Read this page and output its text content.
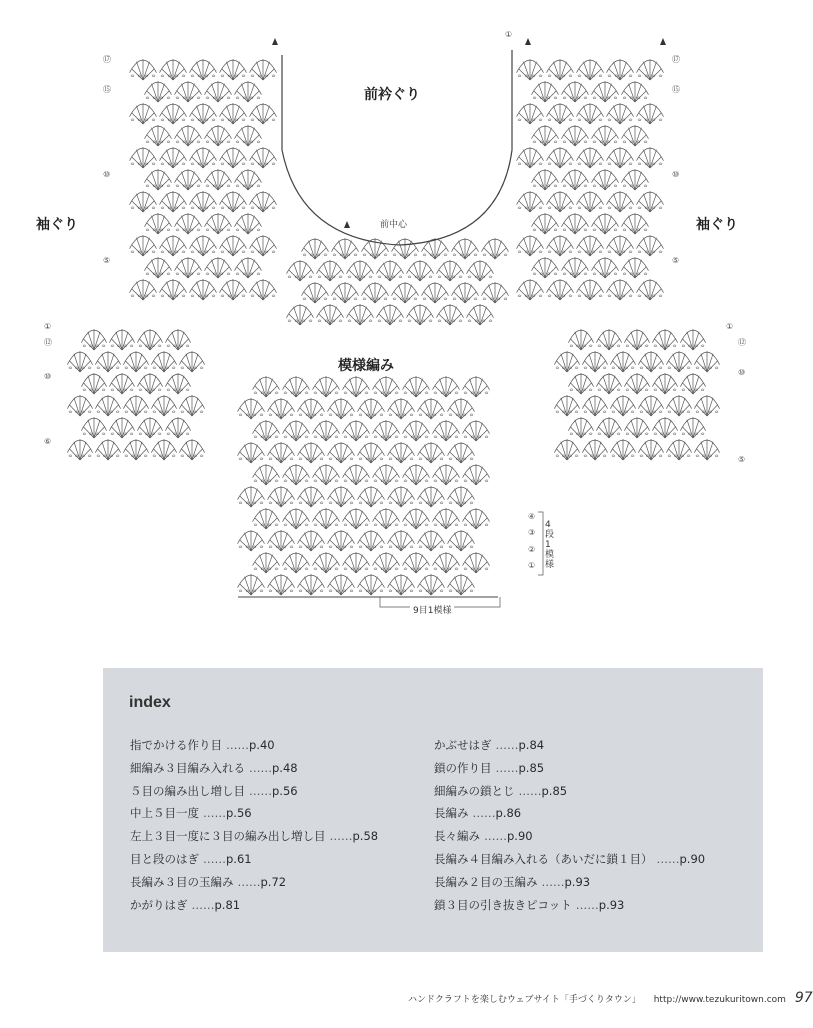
前衿ぐり
袖ぐり	袖ぐり
前中心
模様編み
9目1模様
4段1模様
⑰
⑮
⑩
⑤
①
⑫
⑩
⑥
①
⑰
⑮
⑩
⑤
①
⑫
⑩
⑤
④
③
②
①
index
指でかける作り目 ……p.40
細編み３目編み入れる ……p.48
５目の編み出し増し目 ……p.56
中上５目一度 ……p.56
左上３目一度に３目の編み出し増し目 ……p.58
目と段のはぎ ……p.61
長編み３目の玉編み ……p.72
かがりはぎ ……p.81
かぶせはぎ ……p.84
鎖の作り目 ……p.85
細編みの鎖とじ ……p.85
長編み ……p.86
長々編み ……p.90
長編み４目編み入れる（あいだに鎖１目） ……p.90
長編み２目の玉編み ……p.93
鎖３目の引き抜きピコット ……p.93
ハンドクラフトを楽しむウェブサイト「手づくりタウン」 http://www.tezukuritown.com 97
